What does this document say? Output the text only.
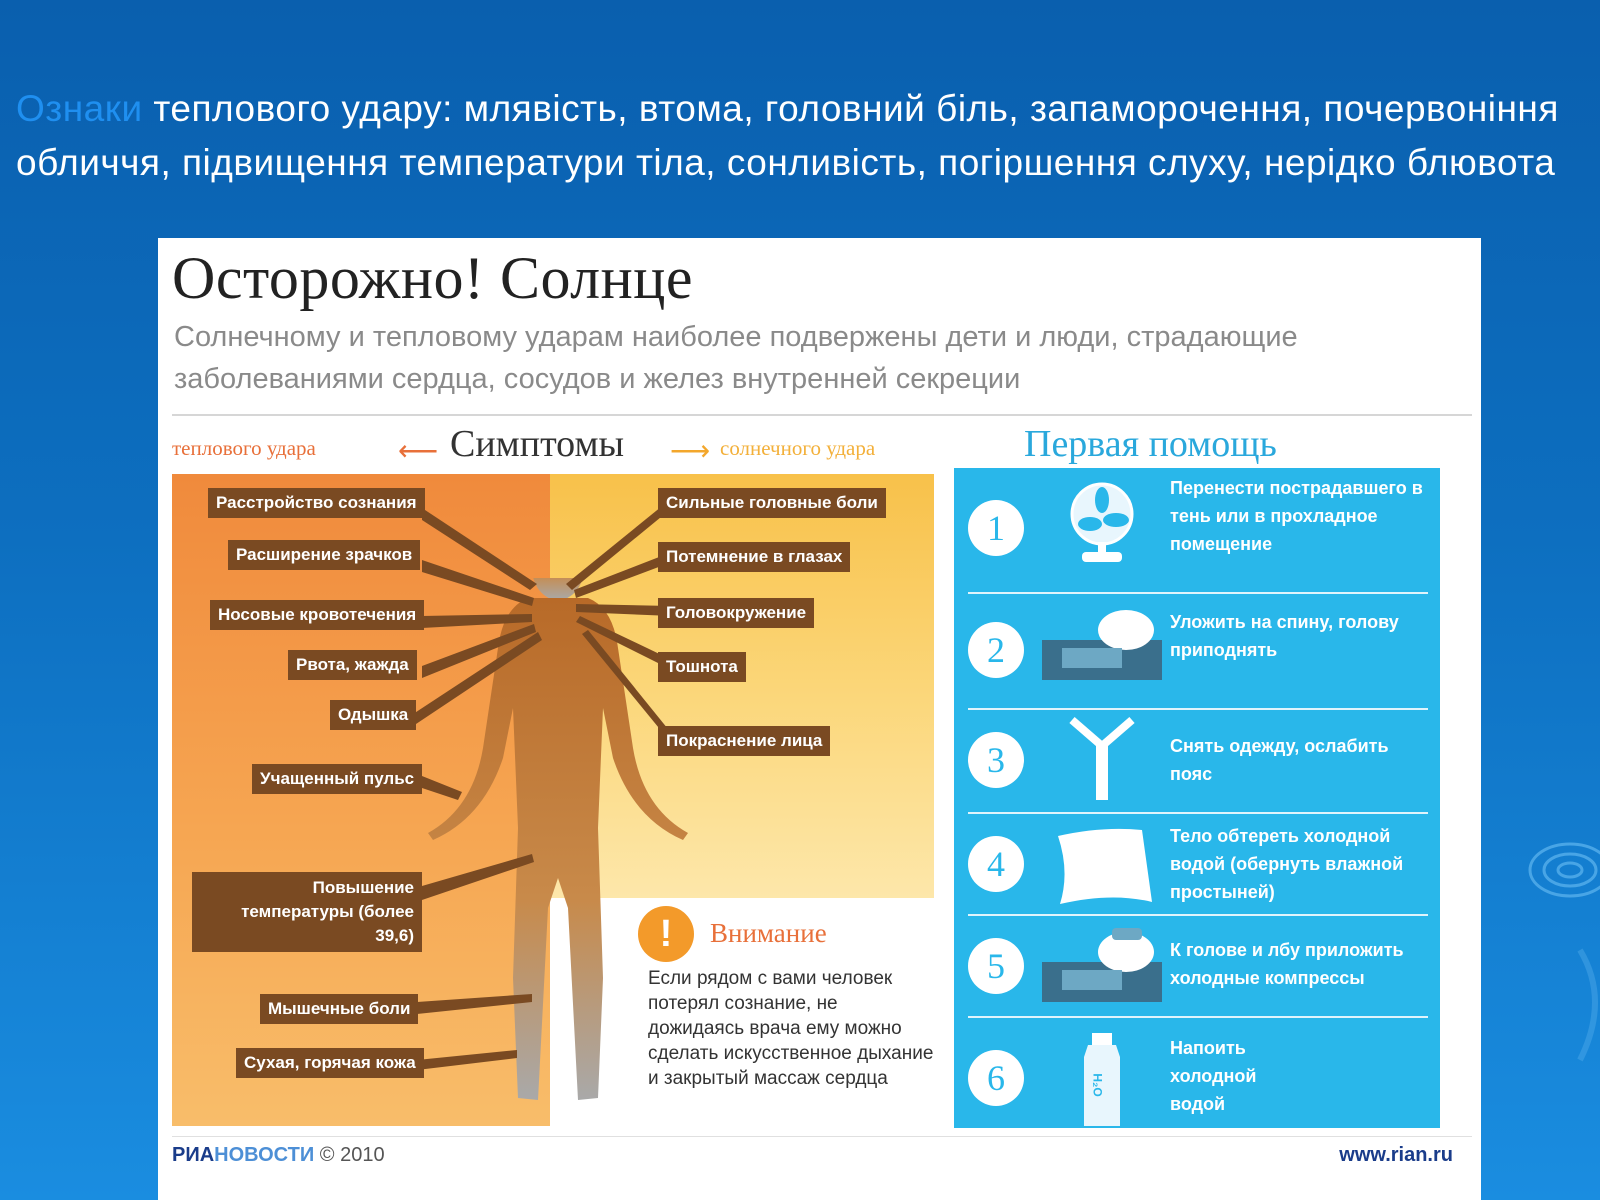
Ознаки теплового удару: млявість, втома, головний біль, запаморочення, почервоніння обличчя, підвищення температури тіла, сонливість, погіршення слуху, нерідко блювота
Осторожно! Солнце
Солнечному и тепловому ударам наиболее подвержены дети и люди, страдающие заболеваниями сердца, сосудов и желез внутренней секреции
теплового удара	⟵ Симптомы ⟶ солнечного удара	Первая помощь
Расстройство сознания
Расширение зрачков
Носовые кровотечения
Рвота, жажда
Одышка
Учащенный пульс
Повышение температуры (более 39,6)
Мышечные боли
Сухая, горячая кожа
Сильные головные боли
Потемнение в глазах
Головокружение
Тошнота
Покраснение лица
!	Внимание
Если рядом с вами человек потерял сознание, не дожидаясь врача ему можно сделать искусственное дыхание и закрытый массаж сердца
1
Перенести пострадавшего в тень или в прохладное помещение
2
Уложить на спину, голову приподнять
3	Снять одежду, ослабить пояс
4
Тело обтереть холодной водой (обернуть влажной простыней)
5	К голове и лбу приложить холодные компрессы
6	H₂O
Напоить холодной водой
РИАНОВОСТИ © 2010	www.rian.ru
